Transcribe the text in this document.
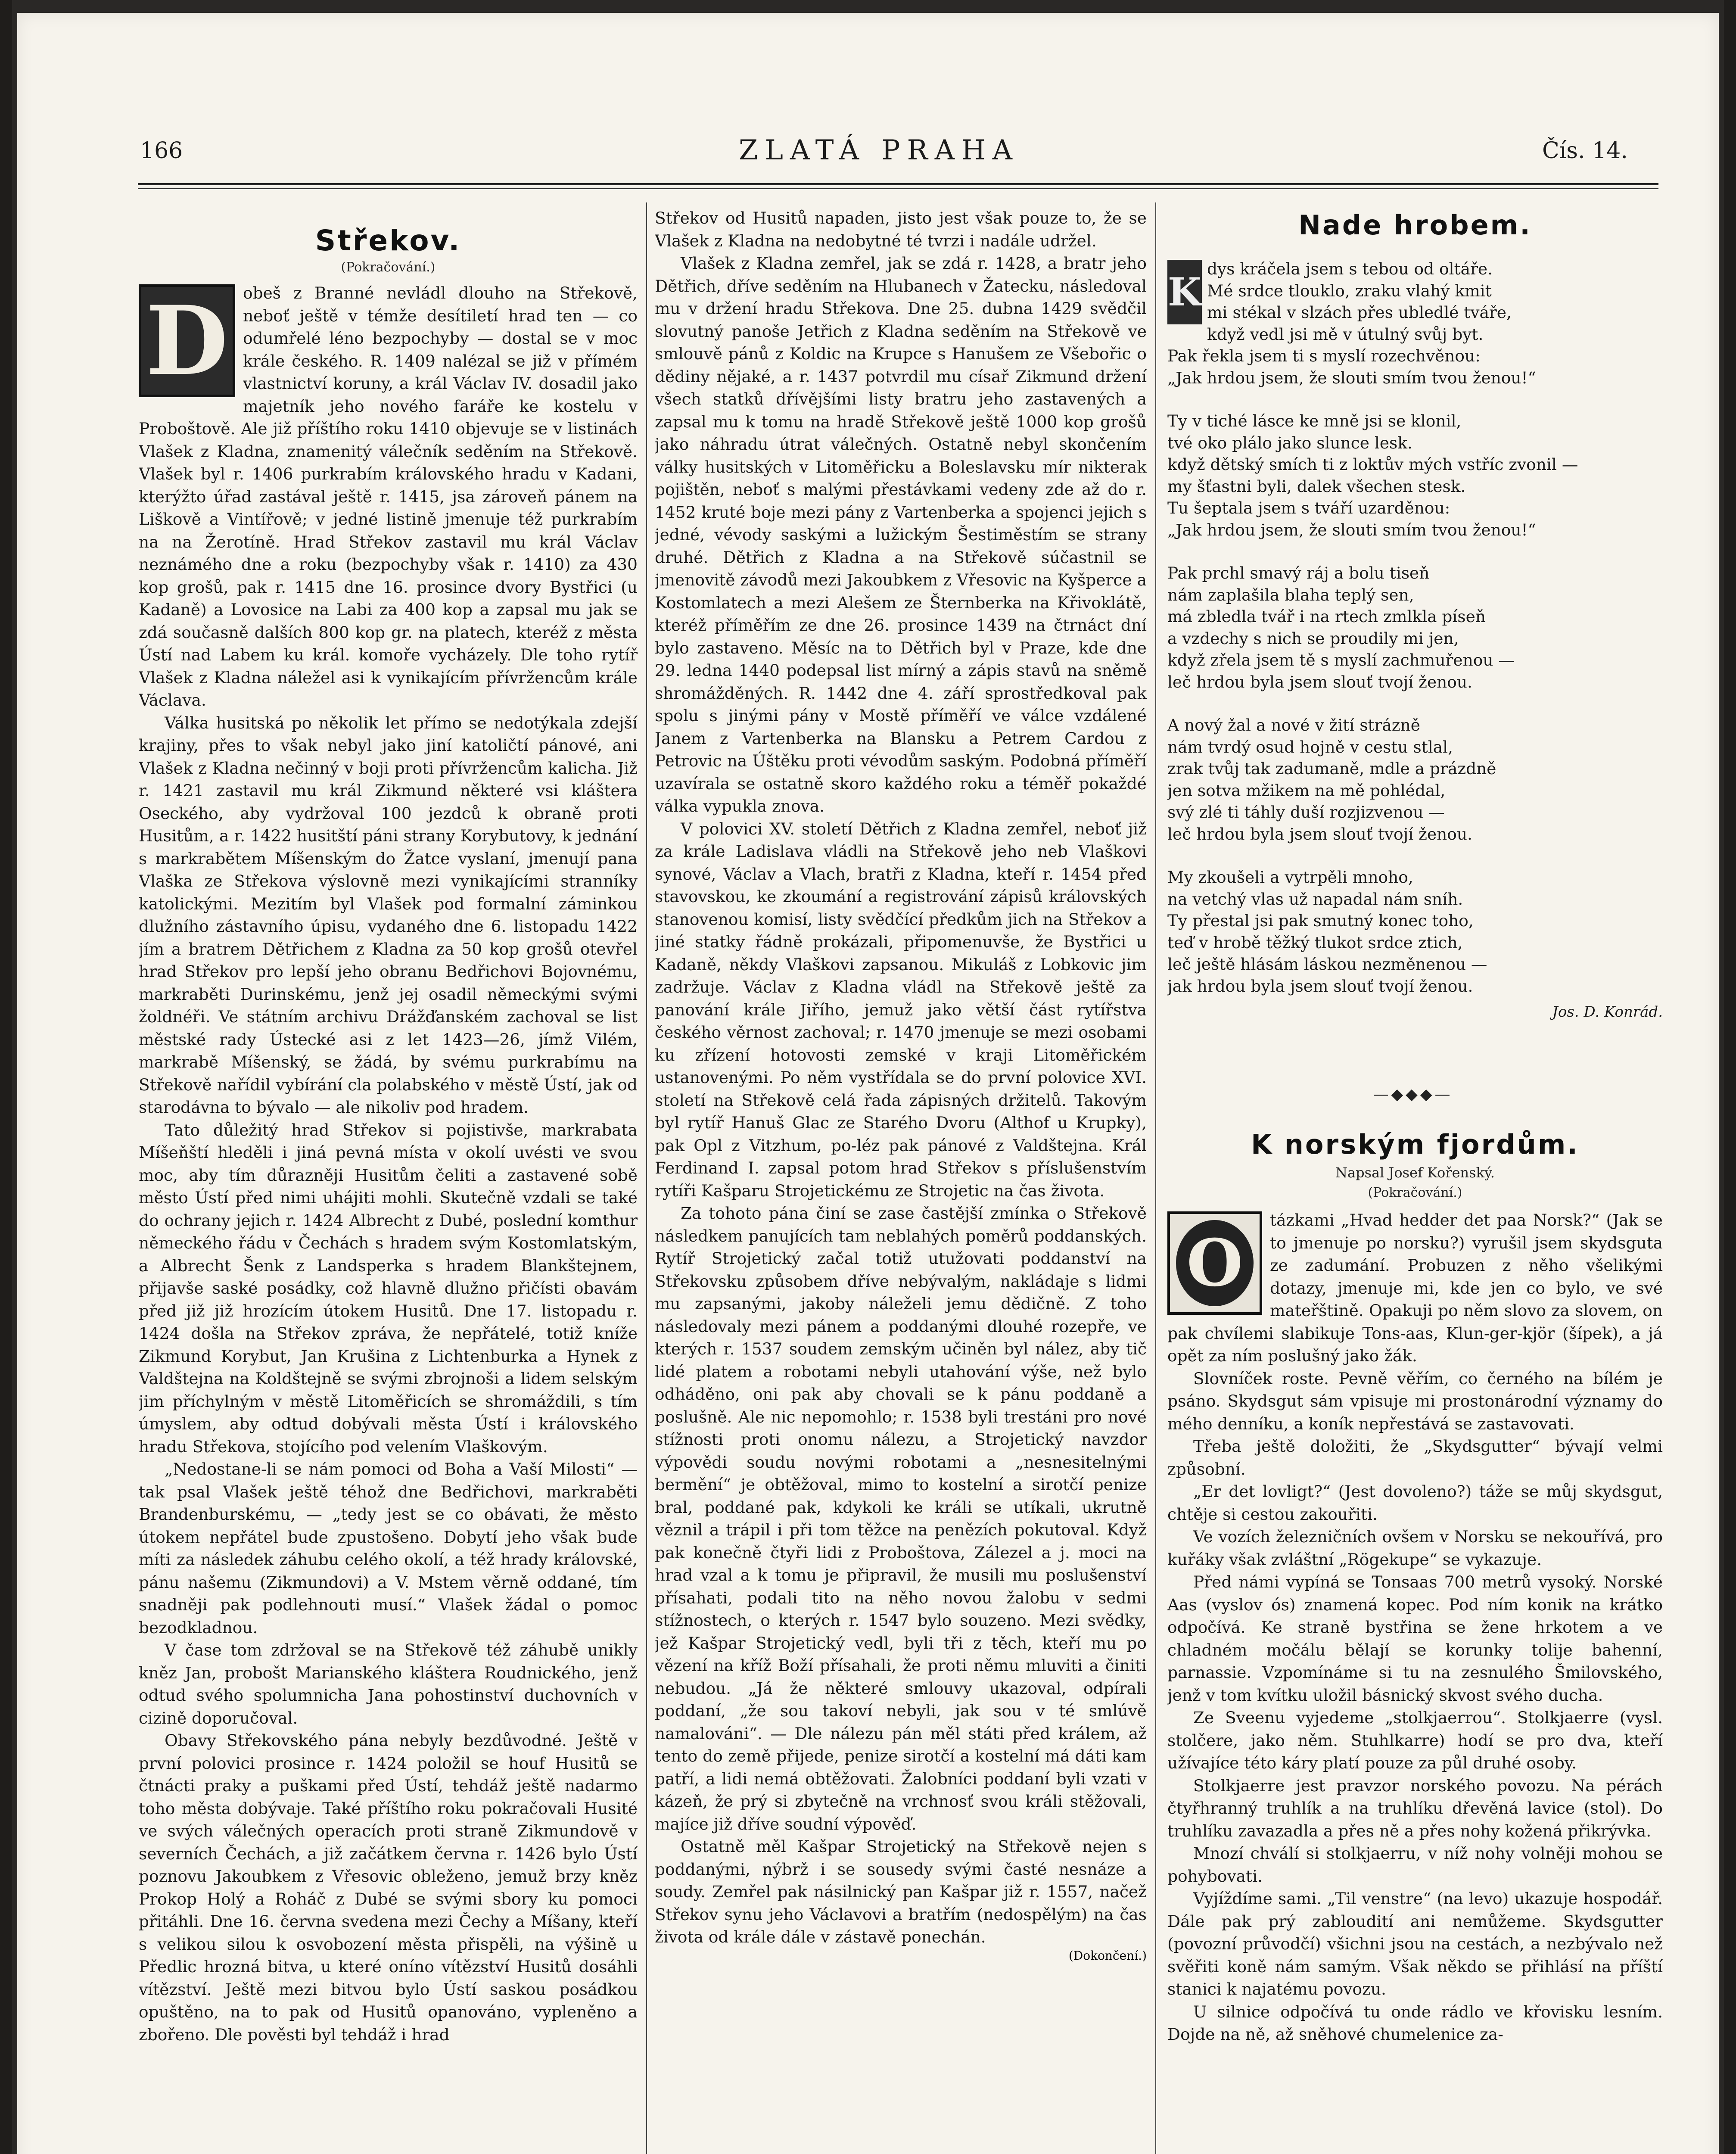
166	ZLATÁ PRAHA	Čís. 14.
Střekov.
(Pokračování.)
D obeš z Branné nevládl dlouho na Střekově, neboť ještě v témže desítiletí hrad ten — co odumřelé léno bezpochyby — dostal se v moc krále českého. R. 1409 nalézal se již v přímém vlastnictví koruny, a král Václav IV. dosadil jako majetník jeho nového faráře ke kostelu v Proboštově. Ale již příštího roku 1410 objevuje se v listinách Vlašek z Kladna, znamenitý válečník seděním na Střekově. Vlašek byl r. 1406 purkrabím královského hradu v Kadani, kterýžto úřad zastával ještě r. 1415, jsa zároveň pánem na Liškově a Vintířově; v jedné listině jmenuje též purkrabím na na Žerotíně. Hrad Střekov zastavil mu král Václav neznámého dne a roku (bezpochyby však r. 1410) za 430 kop grošů, pak r. 1415 dne 16. prosince dvory Bystřici (u Kadaně) a Lovosice na Labi za 400 kop a zapsal mu jak se zdá současně dalších 800 kop gr. na platech, kteréž z města Ústí nad Labem ku král. komoře vycházely. Dle toho rytíř Vlašek z Kladna náležel asi k vynikajícím přívržencům krále Václava.

Válka husitská po několik let přímo se nedotýkala zdejší krajiny, přes to však nebyl jako jiní katoličtí pánové, ani Vlašek z Kladna nečinný v boji proti přívržencům kalicha. Již r. 1421 zastavil mu král Zikmund některé vsi kláštera Oseckého, aby vydržoval 100 jezdců k obraně proti Husitům, a r. 1422 husitští páni strany Korybutovy, k jednání s markrabětem Míšenským do Žatce vyslaní, jmenují pana Vlaška ze Střekova výslovně mezi vynikajícími stranníky katolickými. Mezitím byl Vlašek pod formalní záminkou dlužního zástavního úpisu, vydaného dne 6. listopadu 1422 jím a bratrem Dětřichem z Kladna za 50 kop grošů otevřel hrad Střekov pro lepší jeho obranu Bedřichovi Bojovnému, markraběti Durinskému, jenž jej osadil německými svými žoldnéři. Ve státním archivu Drážďanském zachoval se list městské rady Ústecké asi z let 1423—26, jímž Vilém, markrabě Míšenský, se žádá, by svému purkrabímu na Střekově nařídil vybírání cla polabského v městě Ústí, jak od starodávna to bývalo — ale nikoliv pod hradem.

Tato důležitý hrad Střekov si pojistivše, markrabata Míšeňští hleděli i jiná pevná místa v okolí uvésti ve svou moc, aby tím důrazněji Husitům čeliti a zastavené sobě město Ústí před nimi uhájiti mohli. Skutečně vzdali se také do ochrany jejich r. 1424 Albrecht z Dubé, poslední komthur německého řádu v Čechách s hradem svým Kostomlatským, a Albrecht Šenk z Landsperka s hradem Blankštejnem, přijavše saské posádky, což hlavně dlužno přičísti obavám před již již hrozícím útokem Husitů. Dne 17. listopadu r. 1424 došla na Střekov zpráva, že nepřátelé, totiž kníže Zikmund Korybut, Jan Krušina z Lichtenburka a Hynek z Valdštejna na Koldštejně se svými zbrojnoši a lidem selským jim příchylným v městě Litoměřicích se shromáždili, s tím úmyslem, aby odtud dobývali města Ústí i královského hradu Střekova, stojícího pod velením Vlaškovým.

„Nedostane-li se nám pomoci od Boha a Vaší Milosti“ — tak psal Vlašek ještě téhož dne Bedřichovi, markraběti Brandenburskému, — „tedy jest se co obávati, že město útokem nepřátel bude zpustošeno. Dobytí jeho však bude míti za následek záhubu celého okolí, a též hrady královské, pánu našemu (Zikmundovi) a V. Mstem věrně oddané, tím snadněji pak podlehnouti musí.“ Vlašek žádal o pomoc bezodkladnou.

V čase tom zdržoval se na Střekově též záhubě unikly kněz Jan, probošt Marianského kláštera Roudnického, jenž odtud svého spolumnicha Jana pohostinství duchovních v cizině doporučoval.

Obavy Střekovského pána nebyly bezdůvodné. Ještě v první polovici prosince r. 1424 položil se houf Husitů se čtnácti praky a puškami před Ústí, tehdáž ještě nadarmo toho města dobývaje. Také příštího roku pokračovali Husité ve svých válečných operacích proti straně Zikmundově v severních Čechách, a již začátkem června r. 1426 bylo Ústí poznovu Jakoubkem z Vřesovic obleženo, jemuž brzy kněz Prokop Holý a Roháč z Dubé se svými sbory ku pomoci přitáhli. Dne 16. června svedena mezi Čechy a Míšany, kteří s velikou silou k osvobození města přispěli, na výšině u Předlic hrozná bitva, u které oníno vítězství Husitů dosáhli vítězství. Ještě mezi bitvou bylo Ústí saskou posádkou opuštěno, na to pak od Husitů opanováno, vypleněno a zbořeno. Dle pověsti byl tehdáž i hrad

Střekov od Husitů napaden, jisto jest však pouze to, že se Vlašek z Kladna na nedobytné té tvrzi i nadále udržel.

Vlašek z Kladna zemřel, jak se zdá r. 1428, a bratr jeho Dětřich, dříve seděním na Hlubanech v Žatecku, následoval mu v držení hradu Střekova. Dne 25. dubna 1429 svědčil slovutný panoše Jetřich z Kladna seděním na Střekově ve smlouvě pánů z Koldic na Krupce s Hanušem ze Všebořic o dědiny nějaké, a r. 1437 potvrdil mu císař Zikmund držení všech statků dřívějšími listy bratru jeho zastavených a zapsal mu k tomu na hradě Střekově ještě 1000 kop grošů jako náhradu útrat válečných. Ostatně nebyl skončením války husitských v Litoměřicku a Boleslavsku mír nikterak pojištěn, neboť s malými přestávkami vedeny zde až do r. 1452 kruté boje mezi pány z Vartenberka a spojenci jejich s jedné, vévody saskými a lužickým Šestiměstím se strany druhé. Dětřich z Kladna a na Střekově súčastnil se jmenovitě závodů mezi Jakoubkem z Vřesovic na Kyšperce a Kostomlatech a mezi Alešem ze Šternberka na Křivoklátě, kteréž příměřím ze dne 26. prosince 1439 na čtrnáct dní bylo zastaveno. Měsíc na to Dětřich byl v Praze, kde dne 29. ledna 1440 podepsal list mírný a zápis stavů na sněmě shromážděných. R. 1442 dne 4. září sprostředkoval pak spolu s jinými pány v Mostě příměří ve válce vzdálené Janem z Vartenberka na Blansku a Petrem Cardou z Petrovic na Úštěku proti vévodům saským. Podobná příměří uzavírala se ostatně skoro každého roku a téměř pokaždé válka vypukla znova.

V polovici XV. století Dětřich z Kladna zemřel, neboť již za krále Ladislava vládli na Střekově jeho neb Vlaškovi synové, Václav a Vlach, bratři z Kladna, kteří r. 1454 před stavovskou, ke zkoumání a registrování zápisů královských stanovenou komisí, listy svědčící předkům jich na Střekov a jiné statky řádně prokázali, připomenuvše, že Bystřici u Kadaně, někdy Vlaškovi zapsanou. Mikuláš z Lobkovic jim zadržuje. Václav z Kladna vládl na Střekově ještě za panování krále Jiřího, jemuž jako větší část rytířstva českého věrnost zachoval; r. 1470 jmenuje se mezi osobami ku zřízení hotovosti zemské v kraji Litoměřickém ustanovenými. Po něm vystřídala se do první polovice XVI. století na Střekově celá řada zápisných držitelů. Takovým byl rytíř Hanuš Glac ze Starého Dvoru (Althof u Krupky), pak Opl z Vitzhum, po-léz pak pánové z Valdštejna. Král Ferdinand I. zapsal potom hrad Střekov s příslušenstvím rytíři Kašparu Strojetickému ze Strojetic na čas života.

Za tohoto pána činí se zase častější zmínka o Střekově následkem panujících tam neblahých poměrů poddanských. Rytíř Strojetický začal totiž utužovati poddanství na Střekovsku způsobem dříve nebývalým, nakládaje s lidmi mu zapsanými, jakoby náleželi jemu dědičně. Z toho následovaly mezi pánem a poddanými dlouhé rozepře, ve kterých r. 1537 soudem zemským učiněn byl nález, aby tič lidé platem a robotami nebyli utahování výše, než bylo odháděno, oni pak aby chovali se k pánu poddaně a poslušně. Ale nic nepomohlo; r. 1538 byli trestáni pro nové stížnosti proti onomu nálezu, a Strojetický navzdor výpovědi soudu novými robotami a „nesnesitelnými bermění“ je obtěžoval, mimo to kostelní a sirotčí penize bral, poddané pak, kdykoli ke králi se utíkali, ukrutně věznil a trápil i při tom těžce na penězích pokutoval. Když pak konečně čtyři lidi z Proboštova, Zálezel a j. moci na hrad vzal a k tomu je připravil, že musili mu poslušenství přísahati, podali tito na něho novou žalobu v sedmi stížnostech, o kterých r. 1547 bylo souzeno. Mezi svědky, jež Kašpar Strojetický vedl, byli tři z těch, kteří mu po vězení na kříž Boží přísahali, že proti němu mluviti a činiti nebudou. „Já že některé smlouvy ukazoval, odpírali poddaní, „že sou takoví nebyli, jak sou v té smlúvě namalováni“. — Dle nálezu pán měl státi před králem, až tento do země přijede, penize sirotčí a kostelní má dáti kam patří, a lidi nemá obtěžovati. Žalobníci poddaní byli vzati v kázeň, že prý si zbytečně na vrchnosť svou králi stěžovali, majíce již dříve soudní výpověď.

Ostatně měl Kašpar Strojetický na Střekově nejen s poddanými, nýbrž i se sousedy svými časté nesnáze a soudy. Zemřel pak násilnický pan Kašpar již r. 1557, načež Střekov synu jeho Václavovi a bratřím (nedospělým) na čas života od krále dále v zástavě ponechán.

(Dokončení.)
Nade hrobem.
K
dys kráčela jsem s tebou od oltáře.
Mé srdce tlouklo, zraku vlahý kmit
mi stékal v slzách přes ubledlé tváře,
když vedl jsi mě v útulný svůj byt.
Pak řekla jsem ti s myslí rozechvěnou:
„Jak hrdou jsem, že slouti smím tvou ženou!“
Ty v tiché lásce ke mně jsi se klonil,
tvé oko plálo jako slunce lesk.
když dětský smích ti z loktův mých vstříc zvonil —
my šťastni byli, dalek všechen stesk.
Tu šeptala jsem s tváří uzarděnou:
„Jak hrdou jsem, že slouti smím tvou ženou!“
Pak prchl smavý ráj a bolu tiseň
nám zaplašila blaha teplý sen,
má zbledla tvář i na rtech zmlkla píseň
a vzdechy s nich se proudily mi jen,
když zřela jsem tě s myslí zachmuřenou —
leč hrdou byla jsem slouť tvojí ženou.
A nový žal a nové v žití strázně
nám tvrdý osud hojně v cestu stlal,
zrak tvůj tak zadumaně, mdle a prázdně
jen sotva mžikem na mě pohlédal,
svý zlé ti táhly duší rozjizvenou —
leč hrdou byla jsem slouť tvojí ženou.
My zkoušeli a vytrpěli mnoho,
na vetchý vlas už napadal nám sníh.
Ty přestal jsi pak smutný konec toho,
teď v hrobě těžký tlukot srdce ztich,
leč ještě hlásám láskou nezměnenou —
jak hrdou byla jsem slouť tvojí ženou.
Jos. D. Konrád.
—◆◆◆—
K norským fjordům.
Napsal Josef Kořenský.
(Pokračování.)
O

tázkami „Hvad hedder det paa Norsk?“ (Jak se to jmenuje po norsku?) vyrušil jsem skydsguta ze zadumání. Probuzen z něho všelikými dotazy, jmenuje mi, kde jen co bylo, ve své mateřštině. Opakuji po něm slovo za slovem, on pak chvílemi slabikuje Tons-aas, Klun-ger-kjör (šípek), a já opět za ním poslušný jako žák.

Slovníček roste. Pevně věřím, co černého na bílém je psáno. Skydsgut sám vpisuje mi prostonárodní významy do mého denníku, a koník nepřestává se zastavovati.

Třeba ještě doložiti, že „Skydsgutter“ bývají velmi způsobní.

„Er det lovligt?“ (Jest dovoleno?) táže se můj skydsgut, chtěje si cestou zakouřiti.

Ve vozích železničních ovšem v Norsku se nekouřívá, pro kuřáky však zvláštní „Rögekupe“ se vykazuje.

Před námi vypíná se Tonsaas 700 metrů vysoký. Norské Aas (vyslov ós) znamená kopec. Pod ním konik na krátko odpočívá. Ke straně bystřina se žene hrkotem a ve chladném močálu bělají se korunky tolije bahenní, parnassie. Vzpomínáme si tu na zesnulého Šmilovského, jenž v tom kvítku uložil básnický skvost svého ducha.

Ze Sveenu vyjedeme „stolkjaerrou“. Stolkjaerre (vysl. stolčere, jako něm. Stuhlkarre) hodí se pro dva, kteří užívajíce této káry platí pouze za půl druhé osoby.

Stolkjaerre jest pravzor norského povozu. Na pérách čtyřhranný truhlík a na truhlíku dřevěná lavice (stol). Do truhlíku zavazadla a přes ně a přes nohy kožená přikrývka.

Mnozí chválí si stolkjaerru, v níž nohy volněji mohou se pohybovati.

Vyjíždíme sami. „Til venstre“ (na levo) ukazuje hospodář. Dále pak prý zabloudití ani nemůžeme. Skydsgutter (povozní průvodčí) všichni jsou na cestách, a nezbývalo než svěřiti koně nám samým. Však někdo se přihlásí na příští stanici k najatému povozu.

U silnice odpočívá tu onde rádlo ve křovisku lesním. Dojde na ně, až sněhové chumelenice za-
